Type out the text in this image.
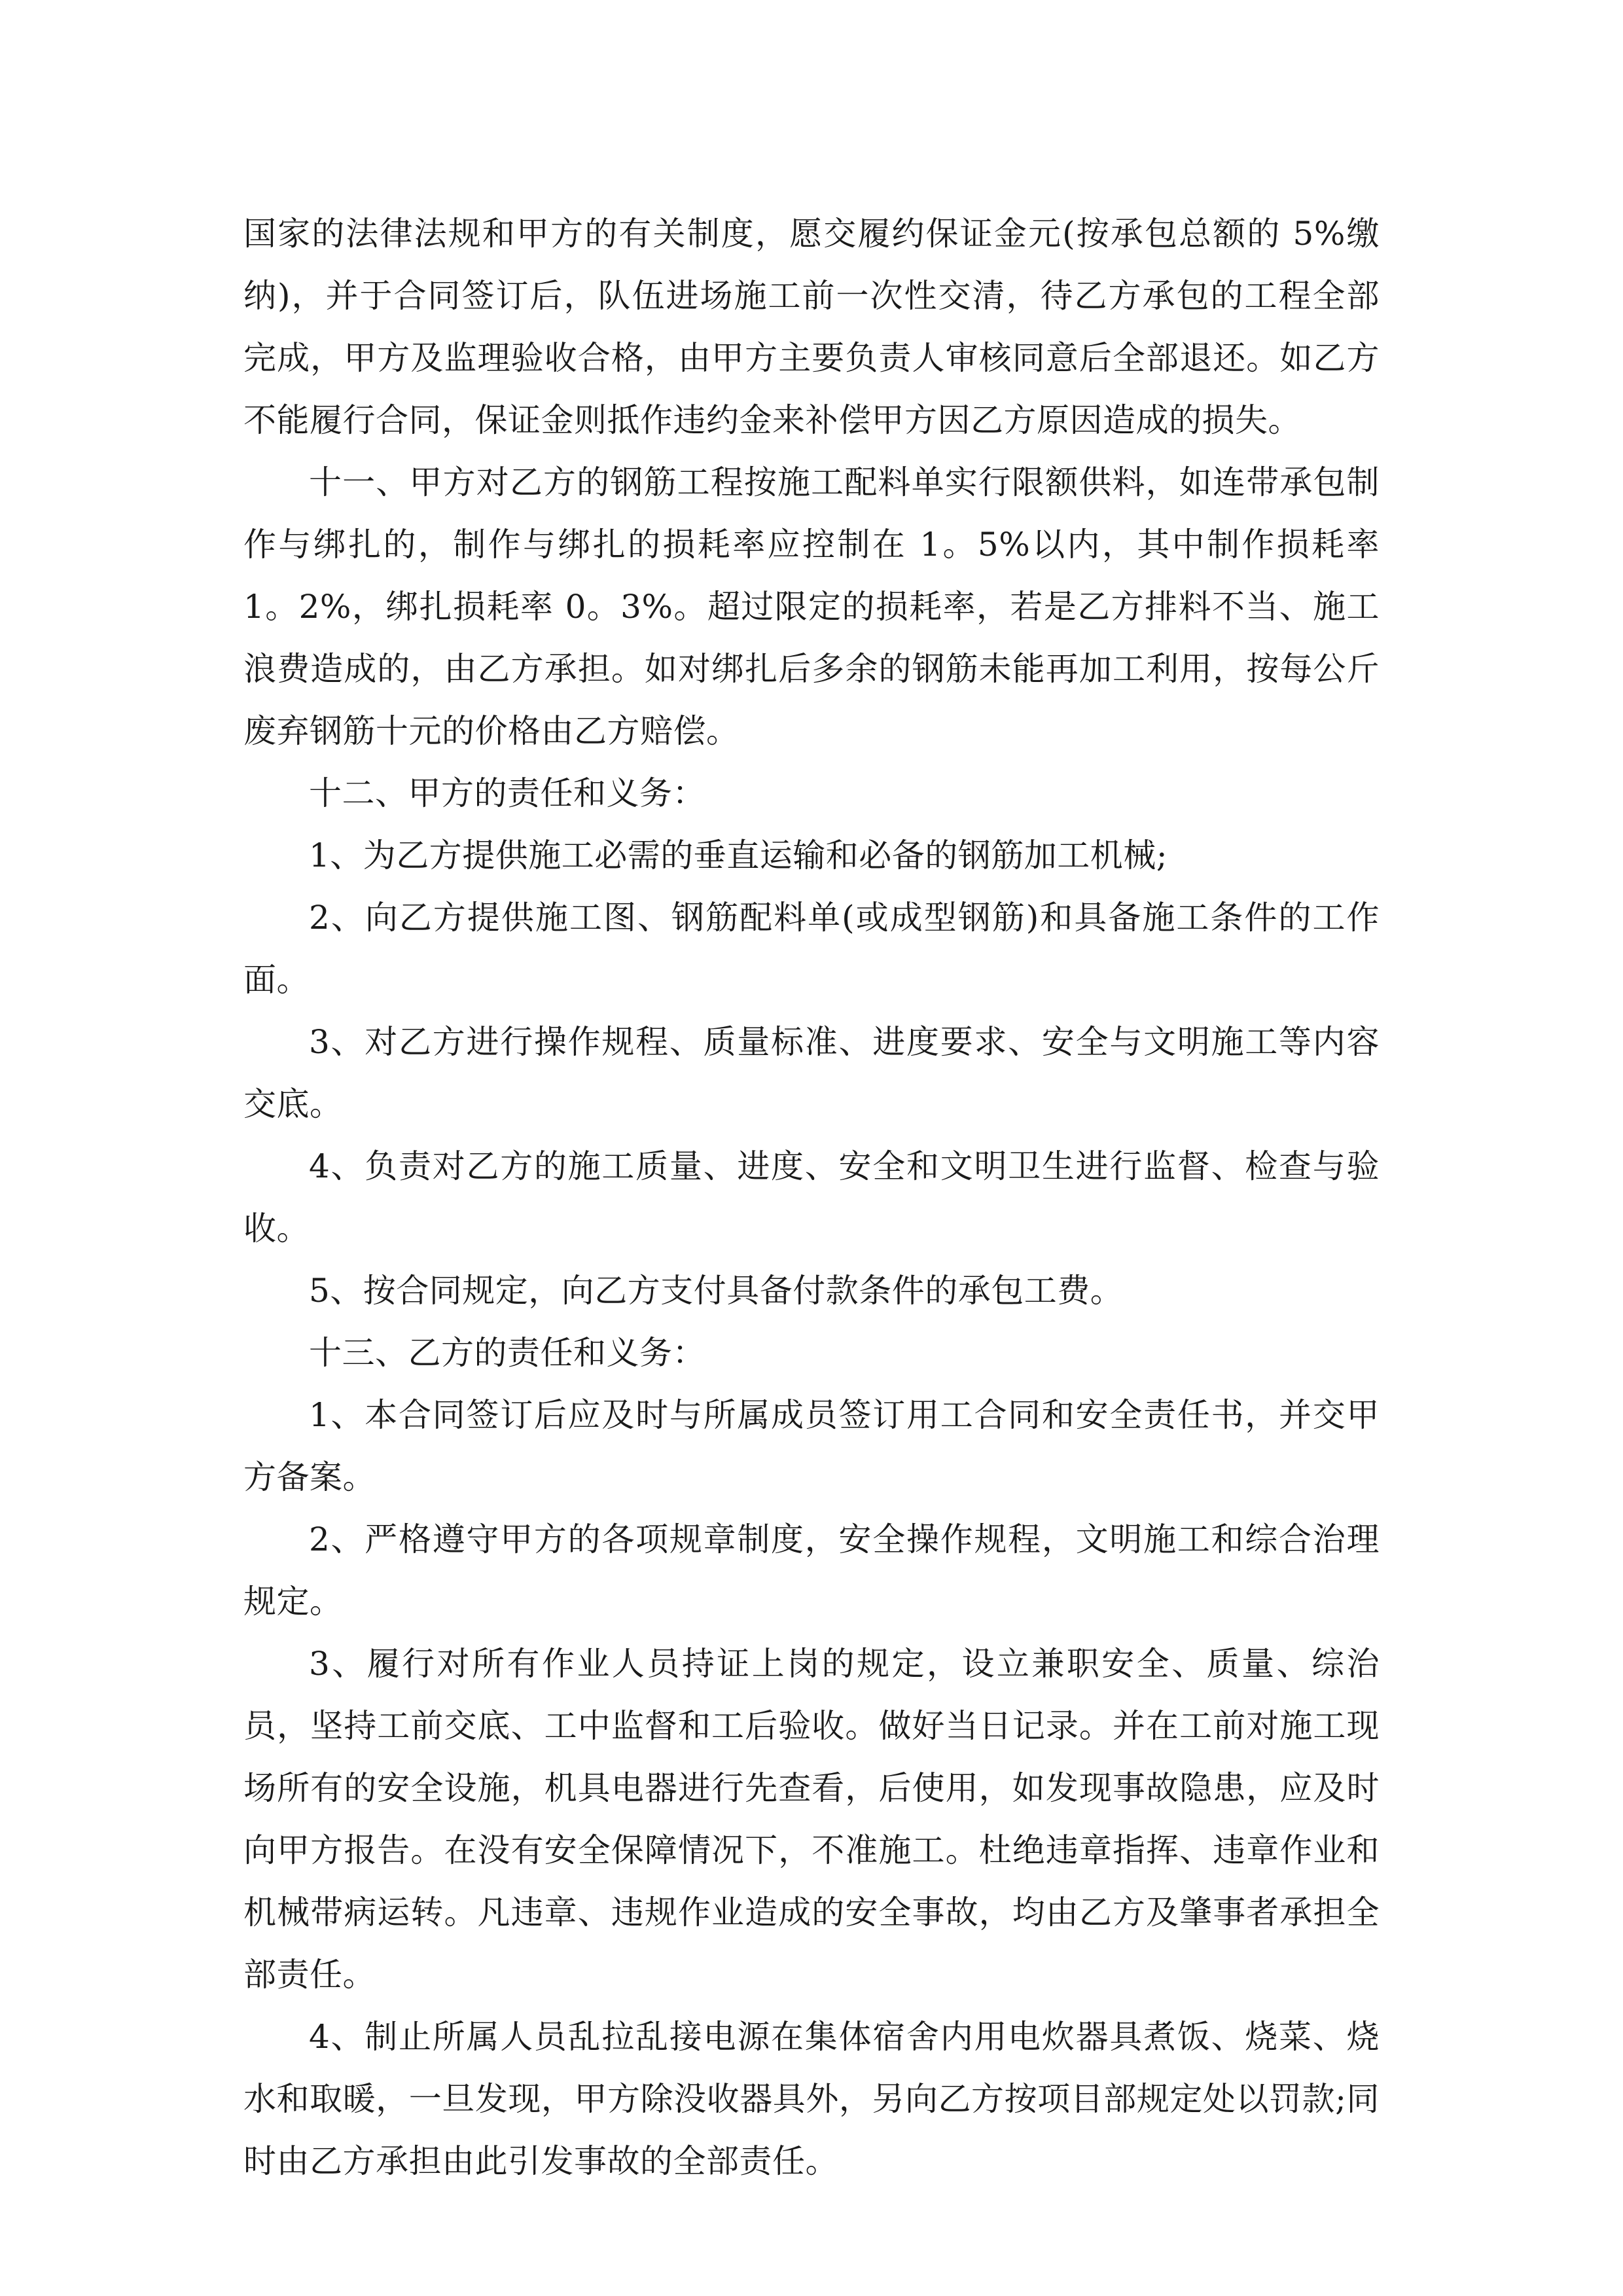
国家的法律法规和甲方的有关制度，愿交履约保证金元(按承包总额的 5%缴纳)，并于合同签订后，队伍进场施工前一次性交清，待乙方承包的工程全部完成，甲方及监理验收合格，由甲方主要负责人审核同意后全部退还。如乙方不能履行合同，保证金则抵作违约金来补偿甲方因乙方原因造成的损失。

十一、甲方对乙方的钢筋工程按施工配料单实行限额供料，如连带承包制作与绑扎的，制作与绑扎的损耗率应控制在 1。5%以内，其中制作损耗率 1。2%，绑扎损耗率 0。3%。超过限定的损耗率，若是乙方排料不当、施工浪费造成的，由乙方承担。如对绑扎后多余的钢筋未能再加工利用，按每公斤废弃钢筋十元的价格由乙方赔偿。

十二、甲方的责任和义务：

1、为乙方提供施工必需的垂直运输和必备的钢筋加工机械;

2、向乙方提供施工图、钢筋配料单(或成型钢筋)和具备施工条件的工作面。

3、对乙方进行操作规程、质量标准、进度要求、安全与文明施工等内容交底。

4、负责对乙方的施工质量、进度、安全和文明卫生进行监督、检查与验收。

5、按合同规定，向乙方支付具备付款条件的承包工费。

十三、乙方的责任和义务：

1、本合同签订后应及时与所属成员签订用工合同和安全责任书，并交甲方备案。

2、严格遵守甲方的各项规章制度，安全操作规程，文明施工和综合治理规定。

3、履行对所有作业人员持证上岗的规定，设立兼职安全、质量、综治员，坚持工前交底、工中监督和工后验收。做好当日记录。并在工前对施工现场所有的安全设施，机具电器进行先查看，后使用，如发现事故隐患，应及时向甲方报告。在没有安全保障情况下，不准施工。杜绝违章指挥、违章作业和机械带病运转。凡违章、违规作业造成的安全事故，均由乙方及肇事者承担全部责任。

4、制止所属人员乱拉乱接电源在集体宿舍内用电炊器具煮饭、烧菜、烧水和取暖，一旦发现，甲方除没收器具外，另向乙方按项目部规定处以罚款;同时由乙方承担由此引发事故的全部责任。
